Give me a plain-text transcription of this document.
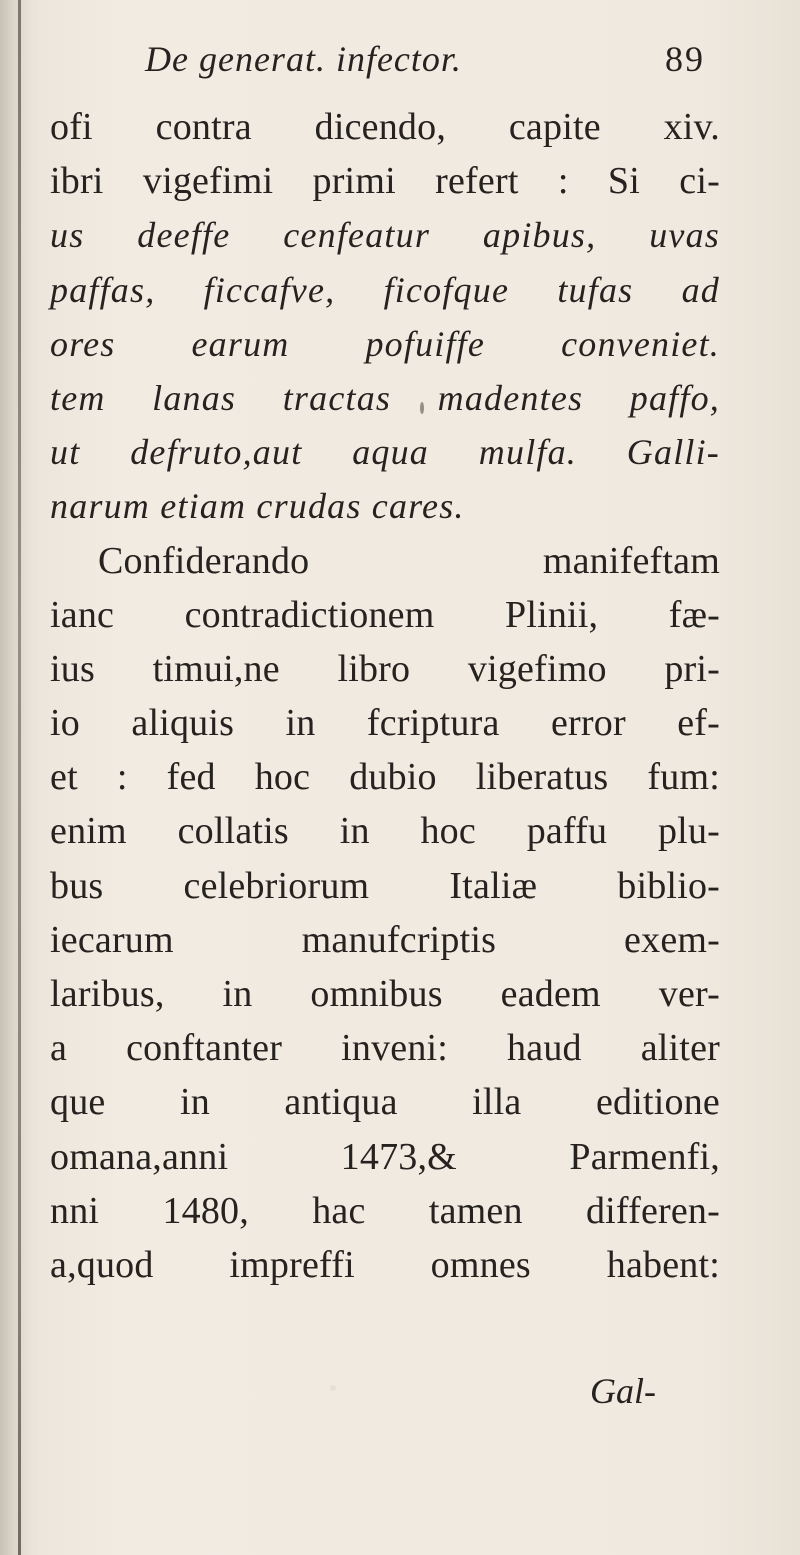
De generat. infector.	89
ofi contra dicendo, capite xiv.
ibri vigefimi primi refert : Si ci-
us deeffe cenfeatur apibus, uvas
paffas, ficcafve, ficofque tufas ad
ores earum pofuiffe conveniet.
tem lanas tractas madentes paffo,
ut defruto,aut aqua mulfa. Galli-
narum etiam crudas cares.
Confiderando manifeftam
ianc contradictionem Plinii, fæ-
ius timui,ne libro vigefimo pri-
io aliquis in fcriptura error ef-
et : fed hoc dubio liberatus fum:
enim collatis in hoc paffu plu-
bus celebriorum Italiæ biblio-
iecarum manufcriptis exem-
laribus, in omnibus eadem ver-
a conftanter inveni: haud aliter
que in antiqua illa editione
omana,anni 1473,& Parmenfi,
nni 1480, hac tamen differen-
a,quod impreffi omnes habent:
Gal-
